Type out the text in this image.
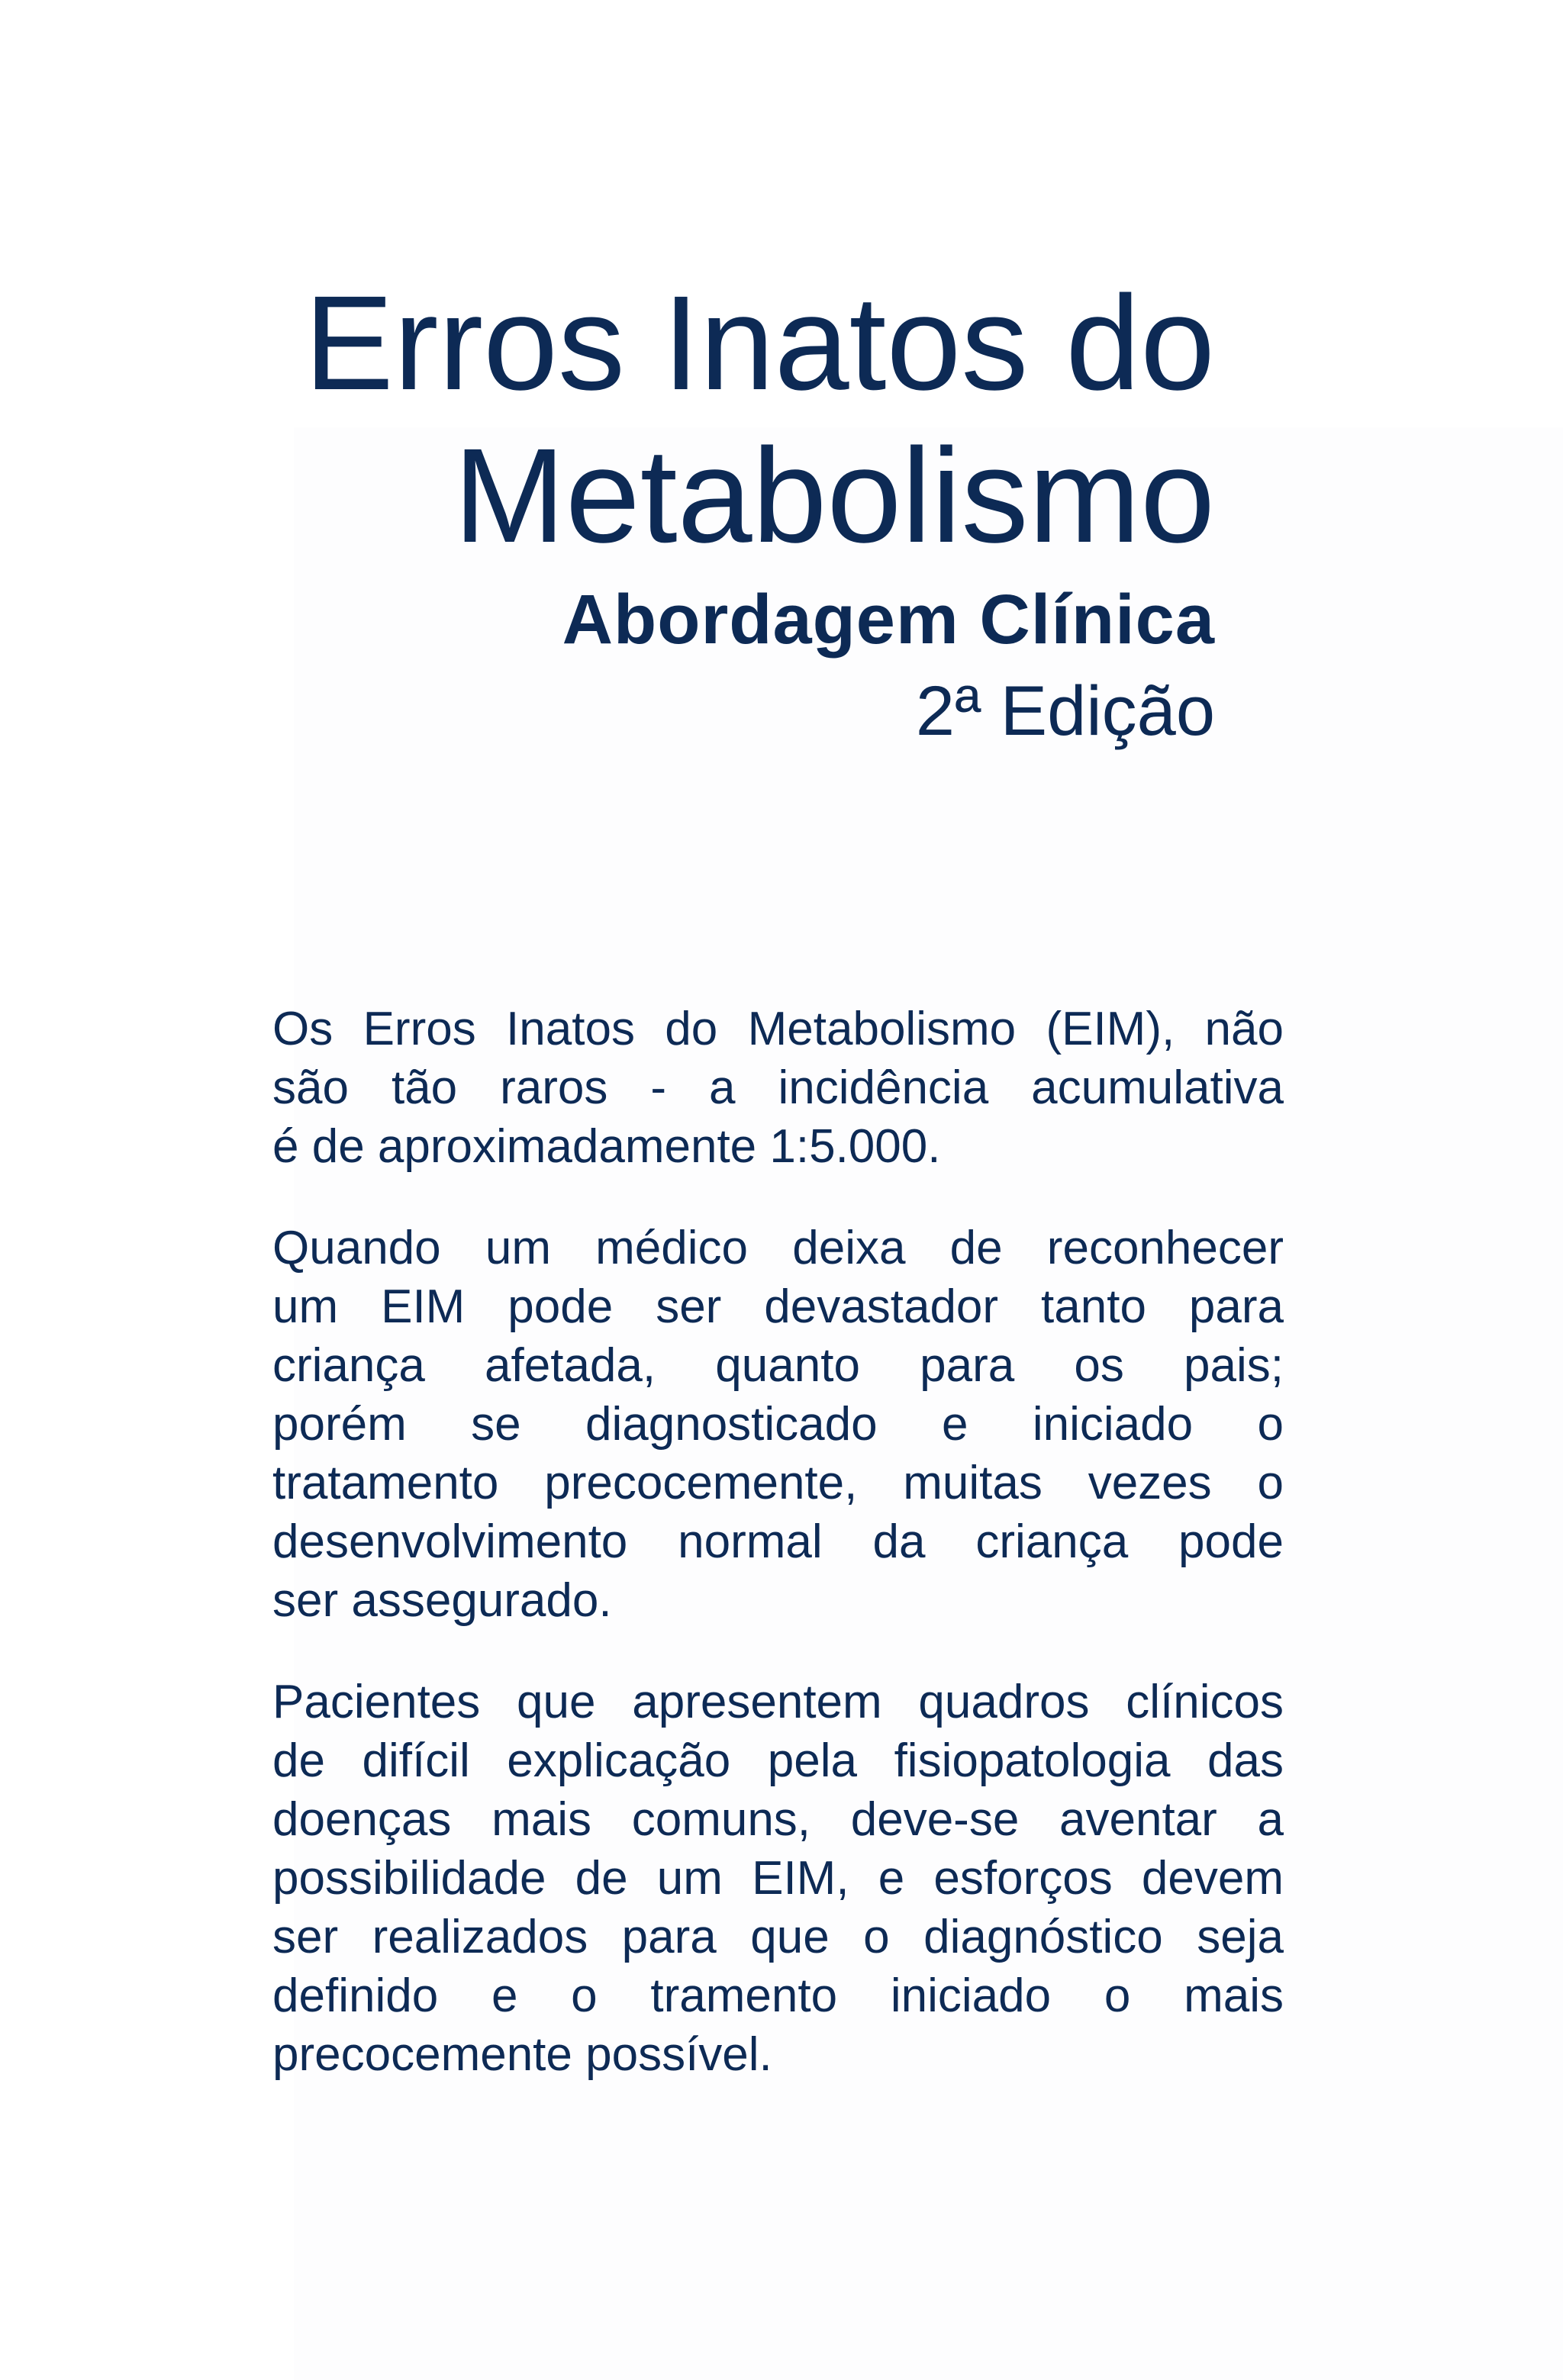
Erros Inatos do
Metabolismo
Abordagem Clínica
2ª Edição

Os Erros Inatos do Metabolismo (EIM), não
são tão raros - a incidência acumulativa
é de aproximadamente 1:5.000.

Quando um médico deixa de reconhecer
um EIM pode ser devastador tanto para
criança afetada, quanto para os pais;
porém se diagnosticado e iniciado o
tratamento precocemente, muitas vezes o
desenvolvimento normal da criança pode
ser assegurado.

Pacientes que apresentem quadros clínicos
de difícil explicação pela fisiopatologia das
doenças mais comuns, deve-se aventar a
possibilidade de um EIM, e esforços devem
ser realizados para que o diagnóstico seja
definido e o tramento iniciado o mais
precocemente possível.
